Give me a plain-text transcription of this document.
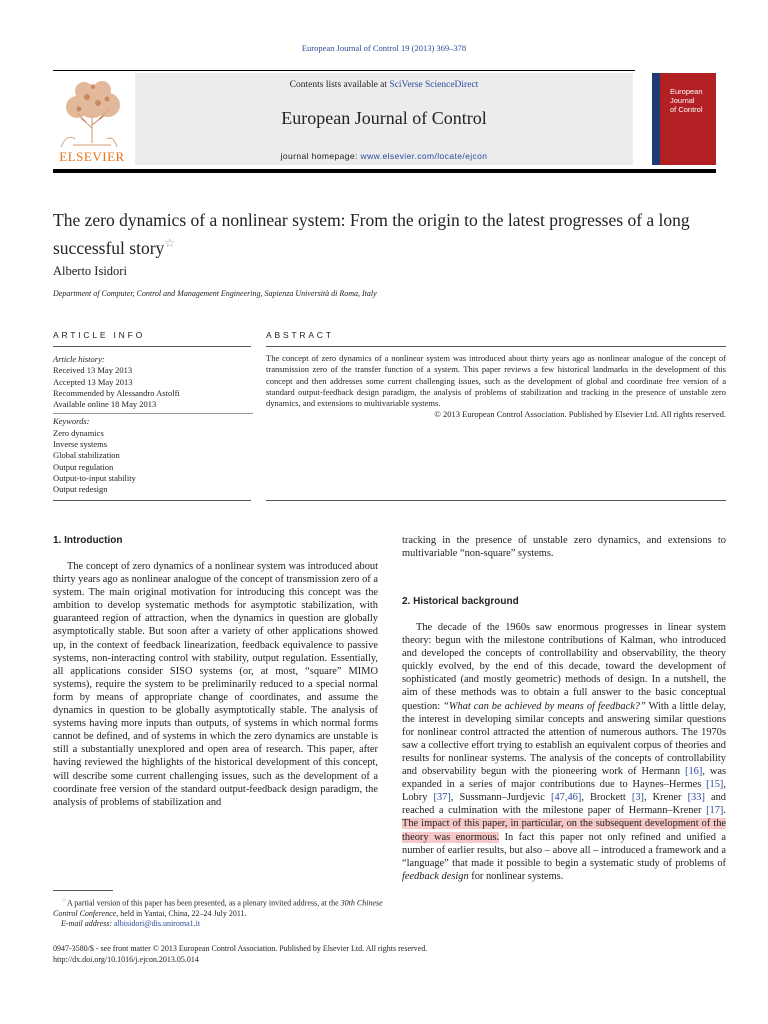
European Journal of Control 19 (2013) 369–378
ELSEVIER
Contents lists available at SciVerse ScienceDirect
European Journal of Control
journal homepage: www.elsevier.com/locate/ejcon
European
Journal
of Control
The zero dynamics of a nonlinear system: From the origin to the latest progresses of a long successful story☆
Alberto Isidori
Department of Computer, Control and Management Engineering, Sapienza Università di Roma, Italy
ARTICLE INFO	ABSTRACT
Article history:
Received 13 May 2013
Accepted 13 May 2013
Recommended by Alessandro Astolfi
Available online 18 May 2013
Keywords:
Zero dynamics
Inverse systems
Global stabilization
Output regulation
Output-to-input stability
Output redesign
The concept of zero dynamics of a nonlinear system was introduced about thirty years ago as nonlinear analogue of the concept of transmission zero of the transfer function of a system. This paper reviews a few historical landmarks in the development of this concept and then addresses some current challenging issues, such as the development of global and coordinate free version of a standard output-feedback design paradigm, the analysis of problems of stabilization and tracking in the presence of unstable zero dynamics, and extensions to multivariable systems.
© 2013 European Control Association. Published by Elsevier Ltd. All rights reserved.
1. Introduction

The concept of zero dynamics of a nonlinear system was introduced about thirty years ago as nonlinear analogue of the concept of transmission zero of a system. The main original motivation for introducing this concept was the ambition to develop systematic methods for asymptotic stabilization, with guaranteed region of attraction, when the dynamics in question are globally asymptotically stable. But soon after a variety of other applications showed up, in the context of feedback linearization, feedback equivalence to passive systems, non-interacting control with stability, output regulation. Essentially, all applications consider SISO systems (or, at most, “square” MIMO systems), require the system to be preliminarily reduced to a special normal form by means of appropriate change of coordinates, and assume the dynamics in question to be globally asymptotically stable. The analysis of systems having more inputs than outputs, of systems in which normal forms cannot be defined, and of systems in which the zero dynamics are unstable is still a substantially unexplored and open area of research. This paper, after having reviewed the highlights of the historical development of this concept, will describe some current challenging issues, such as the development of a coordinate free version of the standard output-feedback design paradigm, the analysis of problems of stabilization and

tracking in the presence of unstable zero dynamics, and extensions to multivariable “non-square” systems.

2. Historical background

The decade of the 1960s saw enormous progresses in linear system theory: begun with the milestone contributions of Kalman, who introduced and developed the concepts of controllability and observability, the theory quickly evolved, by the end of this decade, toward the development of sophisticated (and mostly geometric) methods of design. In a nutshell, the aim of these methods was to obtain a full answer to the basic conceptual question: “What can be achieved by means of feedback?” With a little delay, the interest in developing similar concepts and answering similar questions for nonlinear control attracted the attention of numerous authors. The 1970s saw a collective effort trying to establish an equivalent corpus of theories and results for nonlinear systems. The analysis of the concepts of controllability and observability begun with the pioneering work of Hermann [16], was expanded in a series of major contributions due to Haynes–Hermes [15], Lobry [37], Sussmann–Jurdjevic [47,46], Brockett [3], Krener [33] and reached a culmination with the milestone paper of Hermann–Krener [17]. The impact of this paper, in particular, on the subsequent development of the theory was enormous. In fact this paper not only refined and unified a number of earlier results, but also – above all – introduced a framework and a “language” that made it possible to begin a systematic study of problems of feedback design for nonlinear systems.

☆A partial version of this paper has been presented, as a plenary invited address, at the 30th Chinese Control Conference, held in Yantai, China, 22–24 July 2011.
E-mail address: albisidori@dis.uniroma1.it
0947-3580/$ - see front matter © 2013 European Control Association. Published by Elsevier Ltd. All rights reserved.
http://dx.doi.org/10.1016/j.ejcon.2013.05.014
